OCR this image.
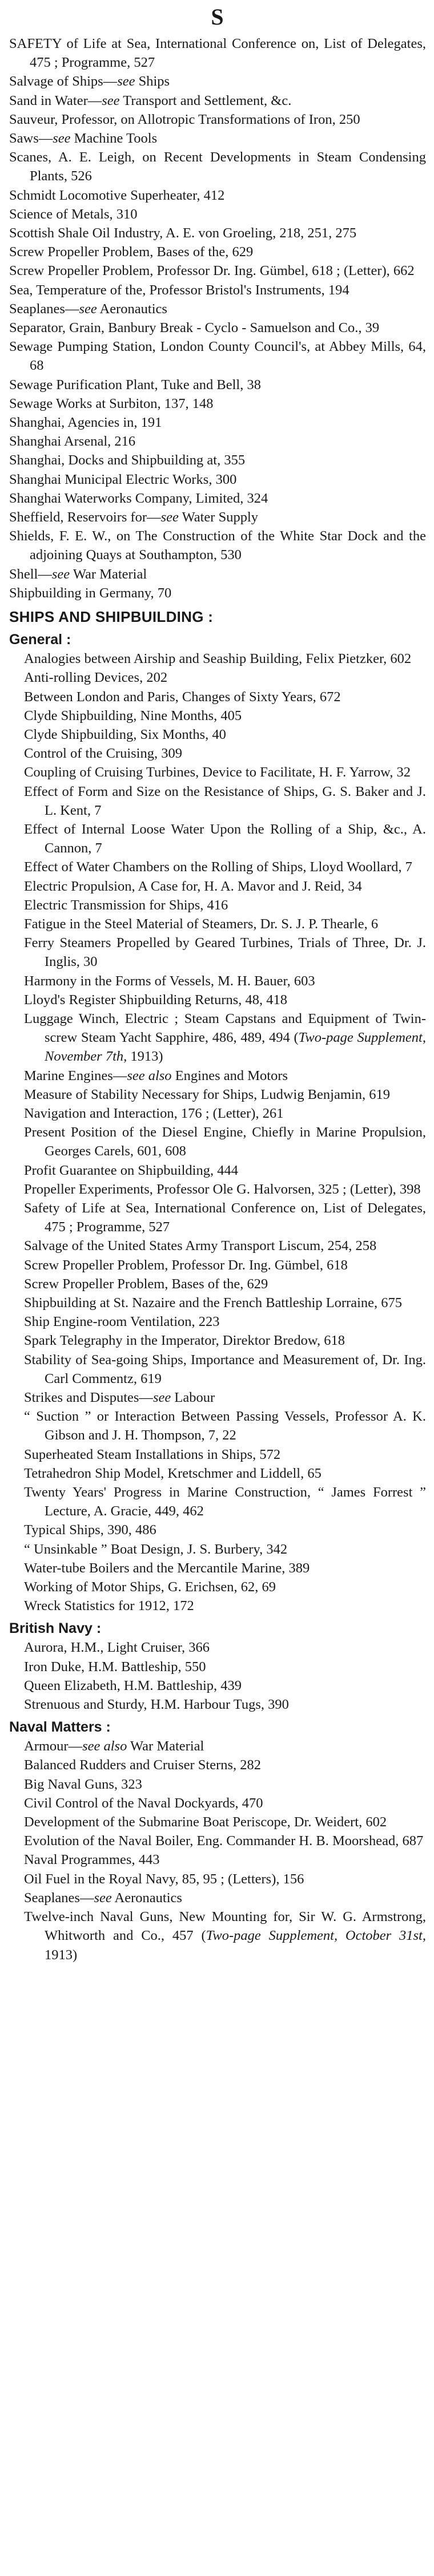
S

SAFETY of Life at Sea, International Conference on, List of Delegates, 475 ; Programme, 527

Salvage of Ships—see Ships

Sand in Water—see Transport and Settlement, &c.

Sauveur, Professor, on Allotropic Transformations of Iron, 250

Saws—see Machine Tools

Scanes, A. E. Leigh, on Recent Developments in Steam Condensing Plants, 526

Schmidt Locomotive Superheater, 412

Science of Metals, 310

Scottish Shale Oil Industry, A. E. von Groeling, 218, 251, 275

Screw Propeller Problem, Bases of the, 629

Screw Propeller Problem, Professor Dr. Ing. Gümbel, 618 ; (Letter), 662

Sea, Temperature of the, Professor Bristol's Instruments, 194

Seaplanes—see Aeronautics

Separator, Grain, Banbury Break - Cyclo - Samuelson and Co., 39

Sewage Pumping Station, London County Council's, at Abbey Mills, 64, 68

Sewage Purification Plant, Tuke and Bell, 38

Sewage Works at Surbiton, 137, 148

Shanghai, Agencies in, 191

Shanghai Arsenal, 216

Shanghai, Docks and Shipbuilding at, 355

Shanghai Municipal Electric Works, 300

Shanghai Waterworks Company, Limited, 324

Sheffield, Reservoirs for—see Water Supply

Shields, F. E. W., on The Construction of the White Star Dock and the adjoining Quays at Southampton, 530

Shell—see War Material

Shipbuilding in Germany, 70

SHIPS AND SHIPBUILDING :
General :

Analogies between Airship and Seaship Building, Felix Pietzker, 602

Anti-rolling Devices, 202

Between London and Paris, Changes of Sixty Years, 672

Clyde Shipbuilding, Nine Months, 405

Clyde Shipbuilding, Six Months, 40

Control of the Cruising, 309

Coupling of Cruising Turbines, Device to Facilitate, H. F. Yarrow, 32

Effect of Form and Size on the Resistance of Ships, G. S. Baker and J. L. Kent, 7

Effect of Internal Loose Water Upon the Rolling of a Ship, &c., A. Cannon, 7

Effect of Water Chambers on the Rolling of Ships, Lloyd Woollard, 7

Electric Propulsion, A Case for, H. A. Mavor and J. Reid, 34

Electric Transmission for Ships, 416

Fatigue in the Steel Material of Steamers, Dr. S. J. P. Thearle, 6

Ferry Steamers Propelled by Geared Turbines, Trials of Three, Dr. J. Inglis, 30

Harmony in the Forms of Vessels, M. H. Bauer, 603

Lloyd's Register Shipbuilding Returns, 48, 418

Luggage Winch, Electric ; Steam Capstans and Equipment of Twin-screw Steam Yacht Sapphire, 486, 489, 494 (Two-page Supplement, November 7th, 1913)

Marine Engines—see also Engines and Motors

Measure of Stability Necessary for Ships, Ludwig Benjamin, 619

Navigation and Interaction, 176 ; (Letter), 261

Present Position of the Diesel Engine, Chiefly in Marine Propulsion, Georges Carels, 601, 608

Profit Guarantee on Shipbuilding, 444

Propeller Experiments, Professor Ole G. Halvorsen, 325 ; (Letter), 398

Safety of Life at Sea, International Conference on, List of Delegates, 475 ; Programme, 527

Salvage of the United States Army Transport Liscum, 254, 258

Screw Propeller Problem, Professor Dr. Ing. Gümbel, 618

Screw Propeller Problem, Bases of the, 629

Shipbuilding at St. Nazaire and the French Battleship Lorraine, 675

Ship Engine-room Ventilation, 223

Spark Telegraphy in the Imperator, Direktor Bredow, 618

Stability of Sea-going Ships, Importance and Measurement of, Dr. Ing. Carl Commentz, 619

Strikes and Disputes—see Labour

“ Suction ” or Interaction Between Passing Vessels, Professor A. K. Gibson and J. H. Thompson, 7, 22

Superheated Steam Installations in Ships, 572

Tetrahedron Ship Model, Kretschmer and Liddell, 65

Twenty Years' Progress in Marine Construction, “ James Forrest ” Lecture, A. Gracie, 449, 462

Typical Ships, 390, 486

“ Unsinkable ” Boat Design, J. S. Burbery, 342

Water-tube Boilers and the Mercantile Marine, 389

Working of Motor Ships, G. Erichsen, 62, 69

Wreck Statistics for 1912, 172

British Navy :

Aurora, H.M., Light Cruiser, 366

Iron Duke, H.M. Battleship, 550

Queen Elizabeth, H.M. Battleship, 439

Strenuous and Sturdy, H.M. Harbour Tugs, 390

Naval Matters :

Armour—see also War Material

Balanced Rudders and Cruiser Sterns, 282

Big Naval Guns, 323

Civil Control of the Naval Dockyards, 470

Development of the Submarine Boat Periscope, Dr. Weidert, 602

Evolution of the Naval Boiler, Eng. Commander H. B. Moorshead, 687

Naval Programmes, 443

Oil Fuel in the Royal Navy, 85, 95 ; (Letters), 156

Seaplanes—see Aeronautics

Twelve-inch Naval Guns, New Mounting for, Sir W. G. Armstrong, Whitworth and Co., 457 (Two-page Supplement, October 31st, 1913)
